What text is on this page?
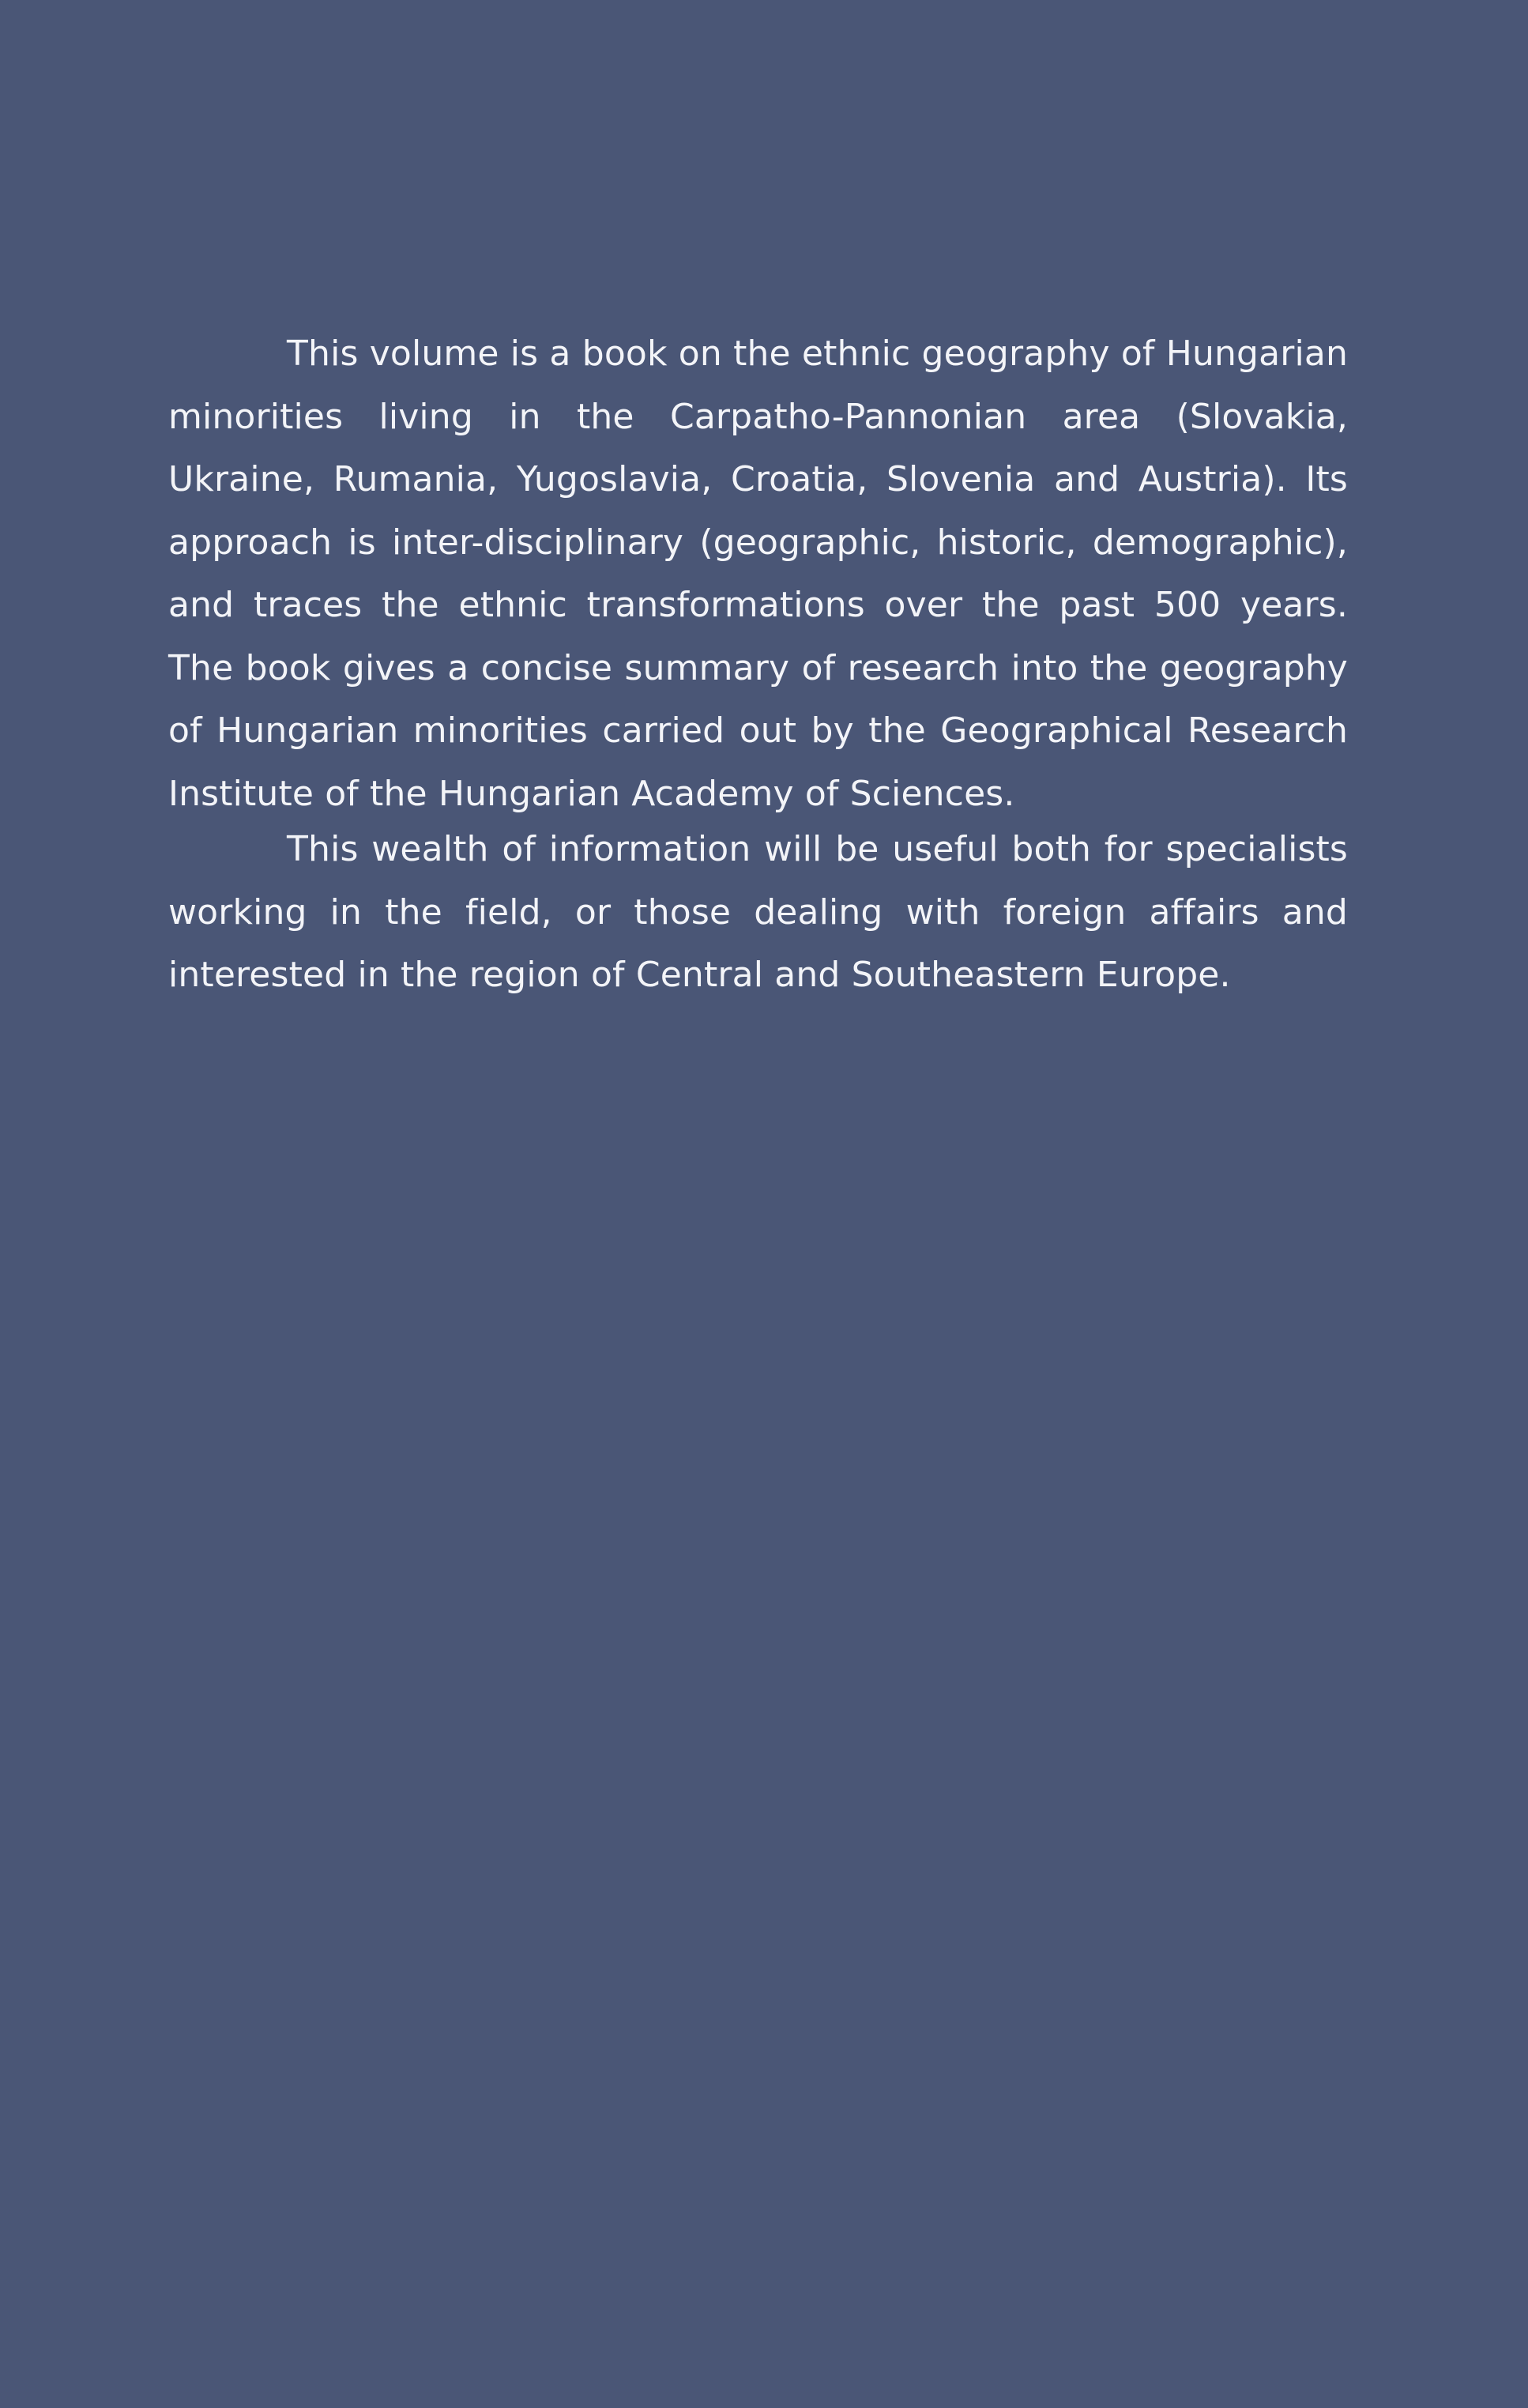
This volume is a book on the ethnic geography of Hungarian minorities living in the Carpatho-Pannonian area (Slovakia, Ukraine, Rumania, Yugoslavia, Croatia, Slovenia and Austria). Its approach is inter-disciplinary (geographic, historic, demographic), and traces the ethnic transformations over the past 500 years. The book gives a concise summary of research into the geography of Hungarian minorities carried out by the Geographical Research Institute of the Hungarian Academy of Sciences.

This wealth of information will be useful both for specialists working in the field, or those dealing with foreign affairs and interested in the region of Central and Southeastern Europe.
